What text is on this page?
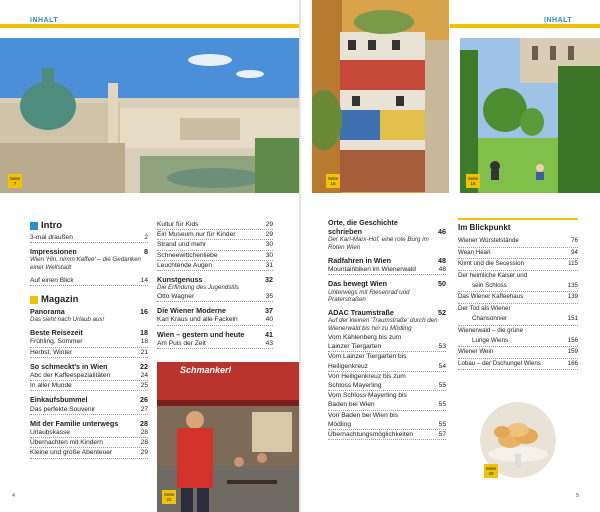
INHALT
Seite
7
Intro
3-mal draußen	2
Impressionen	8
Wien 'Hin, nimm Kaffee' – die Gedanken einer Weltstadt
Auf einen Blick	14
Magazin
Panorama	16
Das sieht nach Urlaub aus!
Beste Reisezeit	18
Frühling, Sommer	18
Herbst, Winter	21
So schmeckt's in Wien	22
Abc der Kaffeespezialitäten	24
In aller Munde	25
Einkaufsbummel	26
Das perfekte Souvenir	27
Mit der Familie unterwegs	28
Urlaubskasse	28
Übernachten mit Kindern	28
Kleine und große Abenteuer	29
Kultur für Kids	29
Ein Museum nur für Kinder	29
Strand und mehr	30
Schneewittchenliebe	30
Leuchtende Augen	31
Kunstgenuss	32
Die Erfindung des Jugendstils
Otto Wagner	35
Die Wiener Moderne	37
Karl Kraus und alle Fackeln	40
Wien – gestern und heute	41
Am Puls der Zeit	43
Schmankerl
Seite
22
4
INHALT
Seite
16
Seite
18
Orte, die Geschichte
schrieben	46
Der Karl-Marx-Hof, eine rote Burg im Roten Wien
Radfahren in Wien	48
Mountainbiken im Wienerwald	48
Das bewegt Wien	50
Unterwegs mit Riesenrad und Praterstraßen
ADAC Traumstraße	52
Auf der kleinen 'Traumstraße' durch den Wienerwald bis hin zu Mödling
Vom Kahlenberg bis zum
Lainzer Tiergarten	53
Vom Lainzer Tiergarten bis
Heiligenkreuz	54
Von Heiligenkreuz bis zum
Schloss Mayerling	55
Vom Schloss Mayerling bis
Baden bei Wien	55
Von Baden bei Wien bis
Mödling	55
Übernachtungsmöglichkeiten	57
Im Blickpunkt
Wiener Würstelstände	76
Wean Heari	94
Klimt und die Secession	115
Der heimliche Kaiser und
sein Schloss	135
Das Wiener Kaffeehaus	139
Der Tod als Wiener
Chansonnier	151
Wienerwald – die grüne
Lunge Wiens	156
Wiener Wein	159
Lobau – der Dschungel Wiens	166
Seite
29
5
